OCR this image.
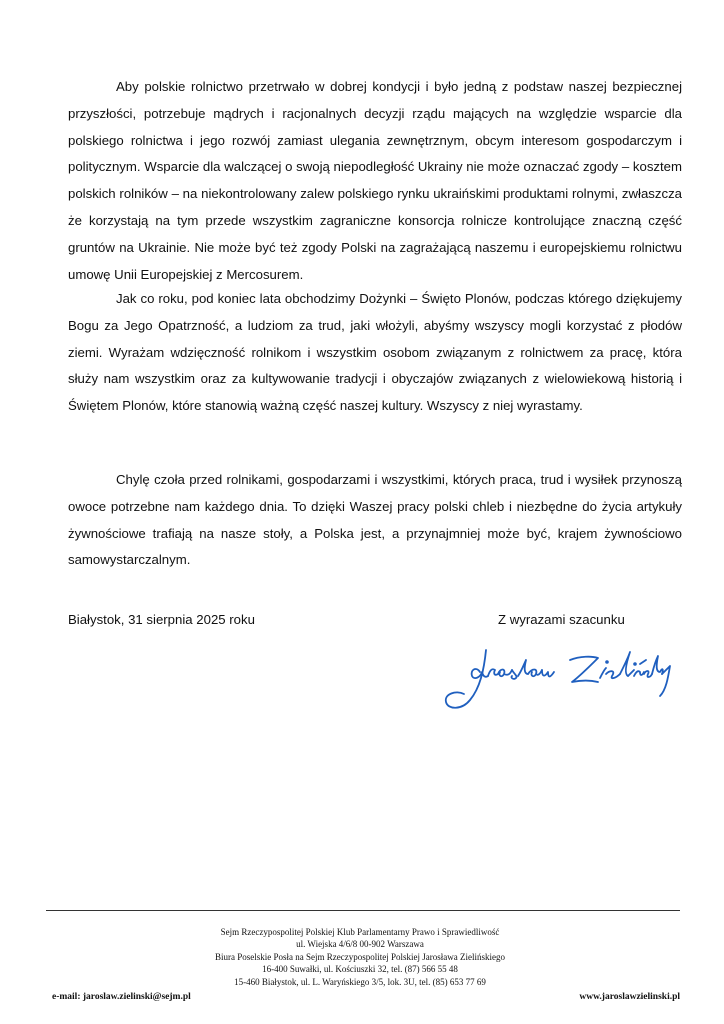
Aby polskie rolnictwo przetrwało w dobrej kondycji i było jedną z podstaw naszej bezpiecznej przyszłości, potrzebuje mądrych i racjonalnych decyzji rządu mających na względzie wsparcie dla polskiego rolnictwa i jego rozwój zamiast ulegania zewnętrznym, obcym interesom gospodarczym i politycznym. Wsparcie dla walczącej o swoją niepodległość Ukrainy nie może oznaczać zgody – kosztem polskich rolników – na niekontrolowany zalew polskiego rynku ukraińskimi produktami rolnymi, zwłaszcza że korzystają na tym przede wszystkim zagraniczne konsorcja rolnicze kontrolujące znaczną część gruntów na Ukrainie. Nie może być też zgody Polski na zagrażającą naszemu i europejskiemu rolnictwu umowę Unii Europejskiej z Mercosurem.

Jak co roku, pod koniec lata obchodzimy Dożynki – Święto Plonów, podczas którego dziękujemy Bogu za Jego Opatrzność, a ludziom za trud, jaki włożyli, abyśmy wszyscy mogli korzystać z płodów ziemi. Wyrażam wdzięczność rolnikom i wszystkim osobom związanym z rolnictwem za pracę, która służy nam wszystkim oraz za kultywowanie tradycji i obyczajów związanych z wielowiekową historią i Świętem Plonów, które stanowią ważną część naszej kultury. Wszyscy z niej wyrastamy.

Chylę czoła przed rolnikami, gospodarzami i wszystkimi, których praca, trud i wysiłek przynoszą owoce potrzebne nam każdego dnia. To dzięki Waszej pracy polski chleb i niezbędne do życia artykuły żywnościowe trafiają na nasze stoły, a Polska jest, a przynajmniej może być, krajem żywnościowo samowystarczalnym.

Białystok, 31 sierpnia 2025 roku	Z wyrazami szacunku
Sejm Rzeczypospolitej Polskiej Klub Parlamentarny Prawo i Sprawiedliwość
ul. Wiejska 4/6/8 00-902 Warszawa
Biura Poselskie Posła na Sejm Rzeczypospolitej Polskiej Jarosława Zielińskiego
16-400 Suwałki, ul. Kościuszki 32, tel. (87) 566 55 48
15-460 Białystok, ul. L. Waryńskiego 3/5, lok. 3U, tel. (85) 653 77 69
e-mail: jaroslaw.zielinski@sejm.pl	www.jaroslawzielinski.pl
